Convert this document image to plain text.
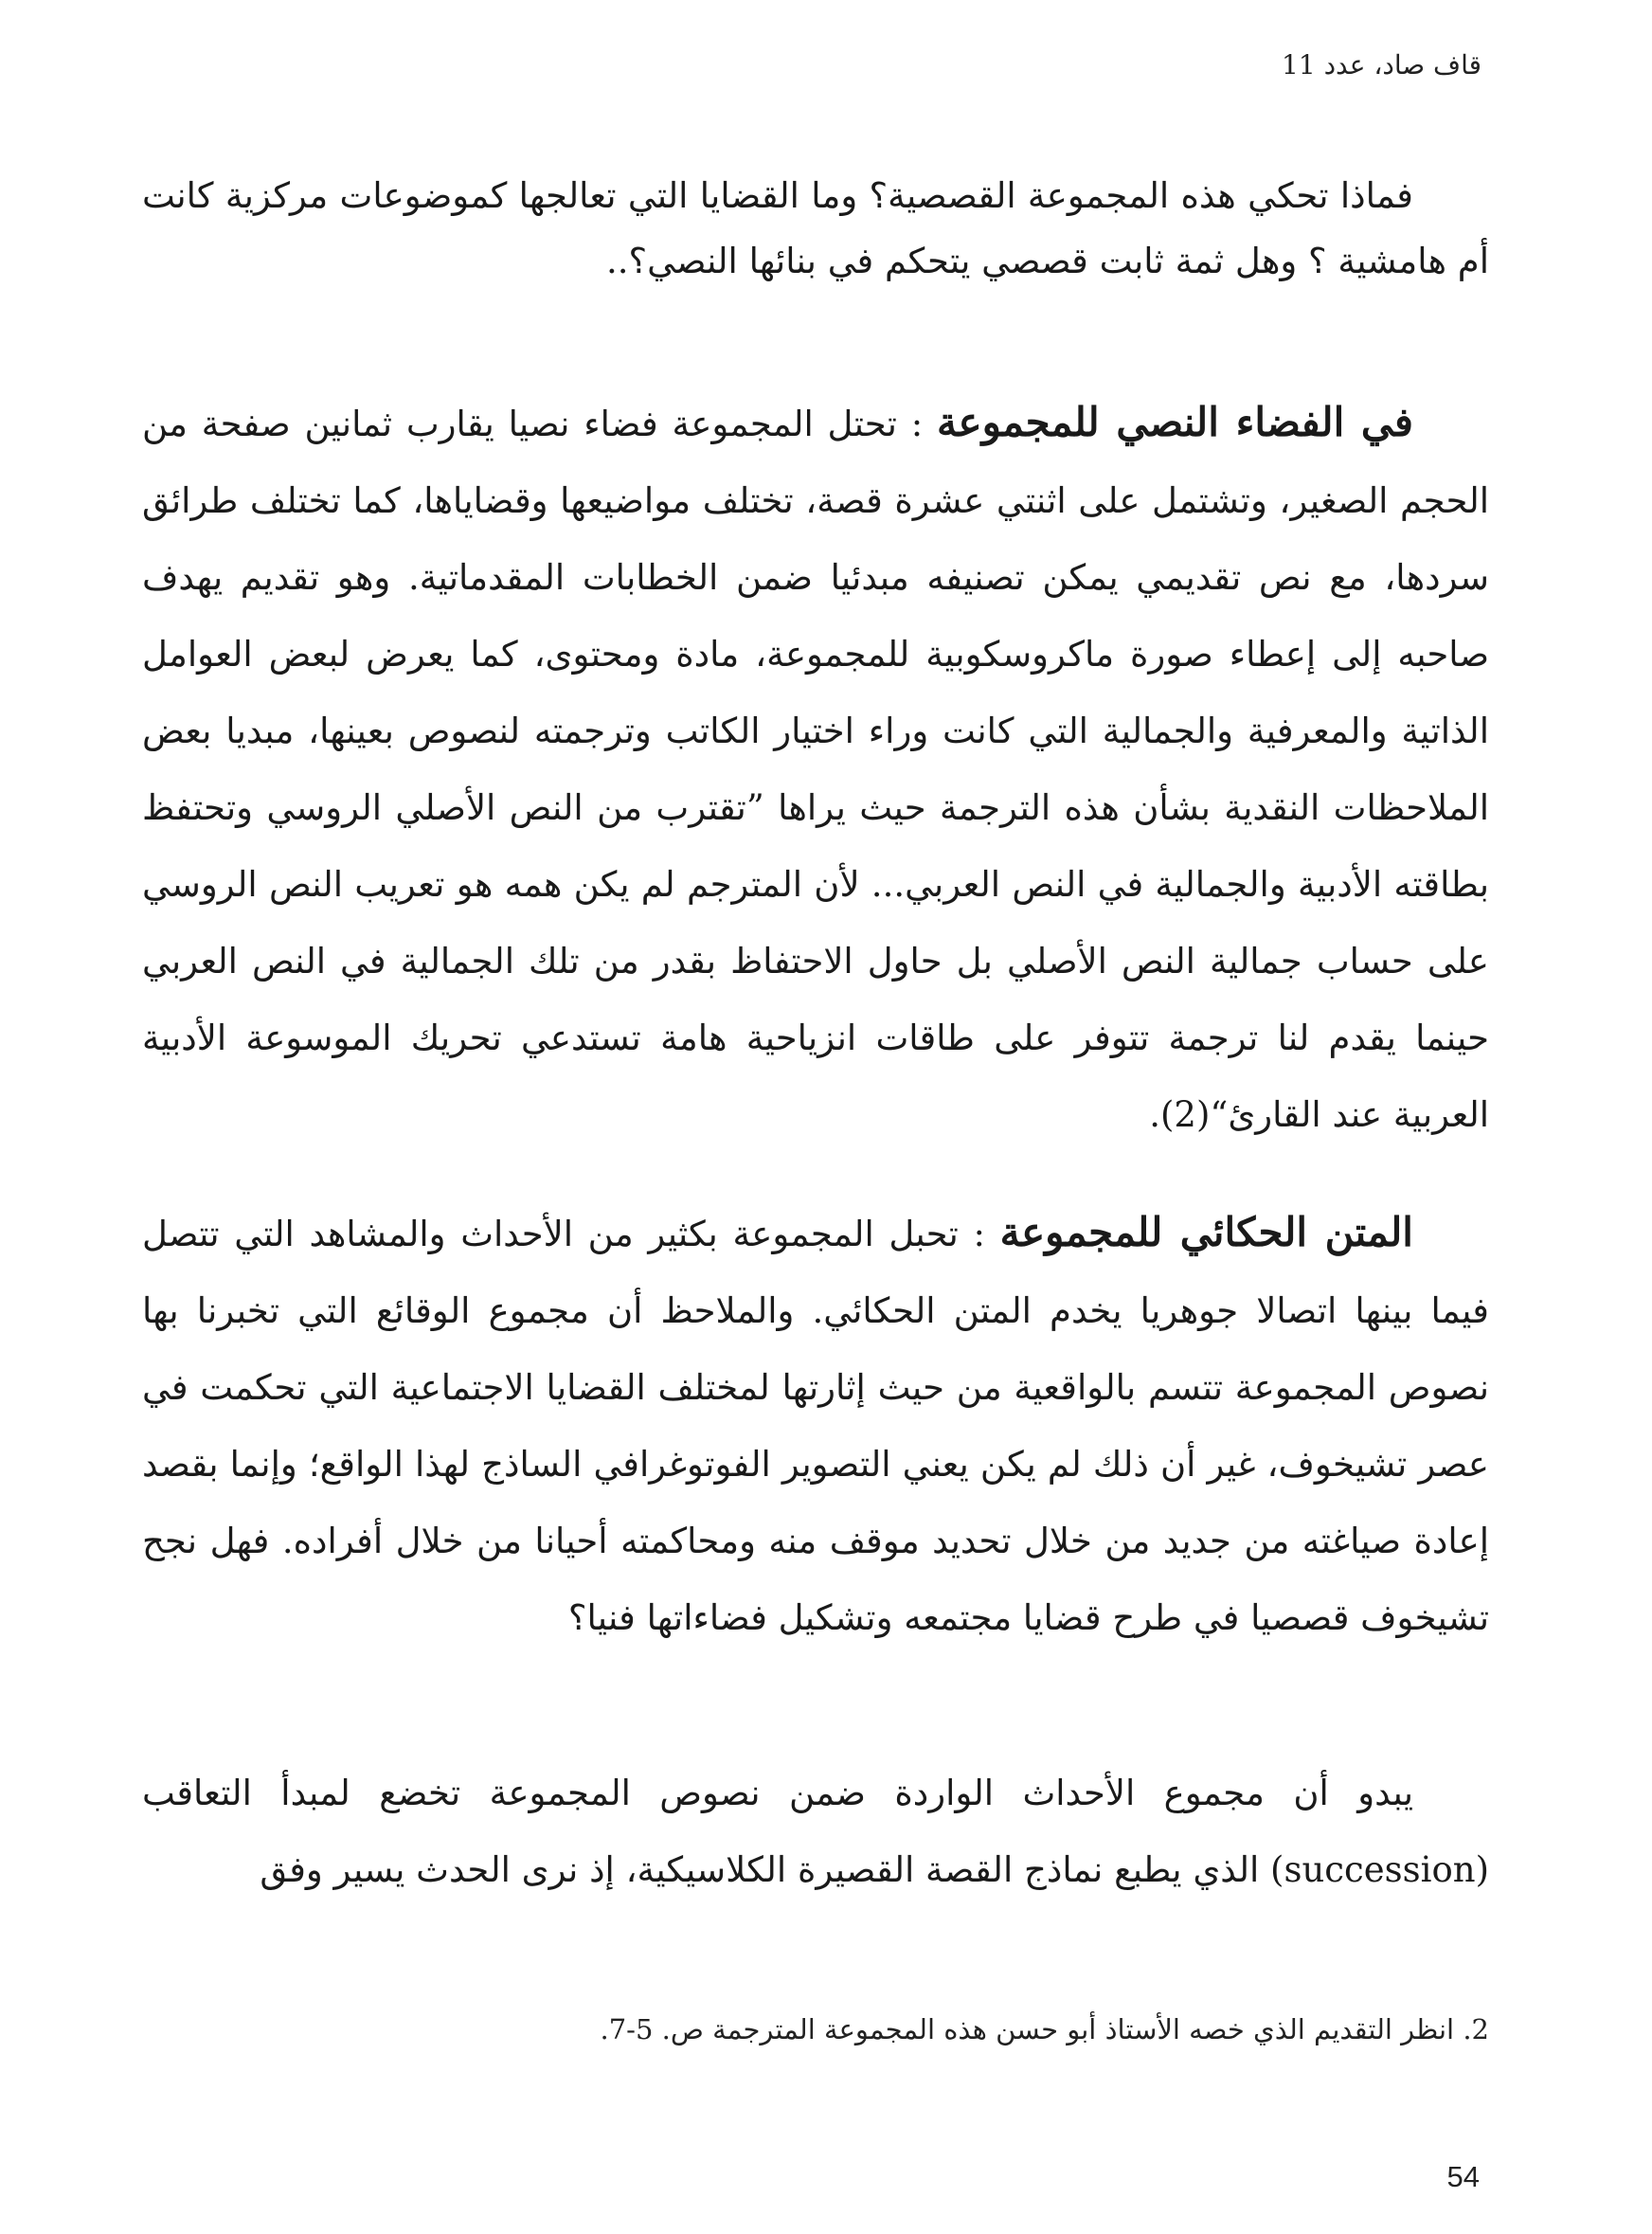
قاف صاد، عدد 11

فماذا تحكي هذه المجموعة القصصية؟ وما القضايا التي تعالجها كموضوعات مركزية كانت أم هامشية ؟ وهل ثمة ثابت قصصي يتحكم في بنائها النصي؟..

في الفضاء النصي للمجموعة : تحتل المجموعة فضاء نصيا يقارب ثمانين صفحة من الحجم الصغير، وتشتمل على اثنتي عشرة قصة، تختلف مواضيعها وقضاياها، كما تختلف طرائق سردها، مع نص تقديمي يمكن تصنيفه مبدئيا ضمن الخطابات المقدماتية. وهو تقديم يهدف صاحبه إلى إعطاء صورة ماكروسكوبية للمجموعة، مادة ومحتوى، كما يعرض لبعض العوامل الذاتية والمعرفية والجمالية التي كانت وراء اختيار الكاتب وترجمته لنصوص بعينها، مبديا بعض الملاحظات النقدية بشأن هذه الترجمة حيث يراها ”تقترب من النص الأصلي الروسي وتحتفظ بطاقته الأدبية والجمالية في النص العربي... لأن المترجم لم يكن همه هو تعريب النص الروسي على حساب جمالية النص الأصلي بل حاول الاحتفاظ بقدر من تلك الجمالية في النص العربي حينما يقدم لنا ترجمة تتوفر على طاقات انزياحية هامة تستدعي تحريك الموسوعة الأدبية العربية عند القارئ“(2).

المتن الحكائي للمجموعة : تحبل المجموعة بكثير من الأحداث والمشاهد التي تتصل فيما بينها اتصالا جوهريا يخدم المتن الحكائي. والملاحظ أن مجموع الوقائع التي تخبرنا بها نصوص المجموعة تتسم بالواقعية من حيث إثارتها لمختلف القضايا الاجتماعية التي تحكمت في عصر تشيخوف، غير أن ذلك لم يكن يعني التصوير الفوتوغرافي الساذج لهذا الواقع؛ وإنما بقصد إعادة صياغته من جديد من خلال تحديد موقف منه ومحاكمته أحيانا من خلال أفراده. فهل نجح تشيخوف قصصيا في طرح قضايا مجتمعه وتشكيل فضاءاتها فنيا؟

يبدو أن مجموع الأحداث الواردة ضمن نصوص المجموعة تخضع لمبدأ التعاقب (succession) الذي يطبع نماذج القصة القصيرة الكلاسيكية، إذ نرى الحدث يسير وفق

2. انظر التقديم الذي خصه الأستاذ أبو حسن هذه المجموعة المترجمة ص. 5-7.
54
